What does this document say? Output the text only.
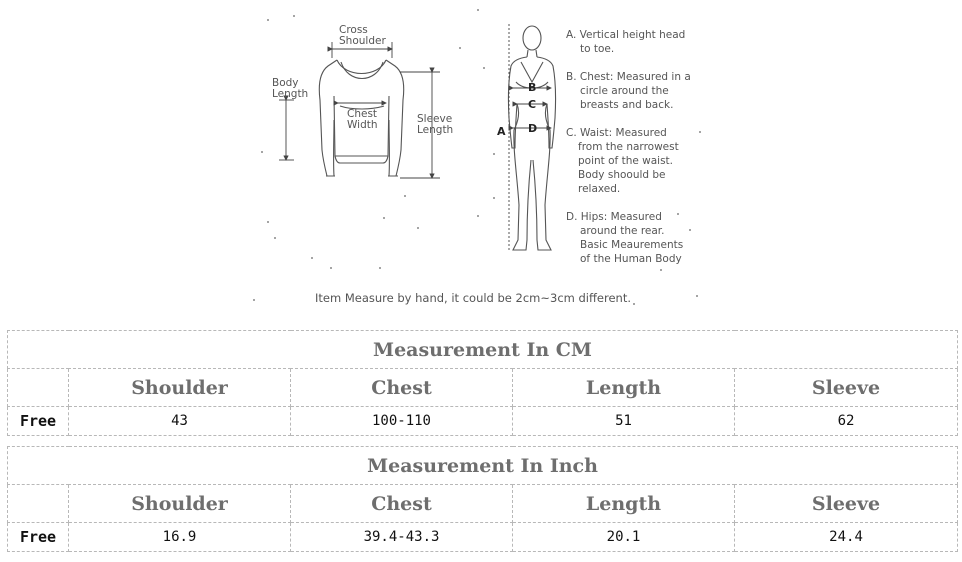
Cross Shoulder
Body Length
Chest Width	Sleeve Length	A
B
C
D
A. Vertical height head to toe.
B. Chest: Measured in a circle around the breasts and back.
C. Waist: Measured from the narrowest point of the waist. Body shoould be relaxed.
D. Hips: Measured around the rear. Basic Meaurements of the Human Body
Item Measure by hand, it could be 2cm~3cm different.
Measurement In CM				
	Shoulder	Chest	Length	Sleeve
Free	43	100-110	51	62
Measurement In Inch				
	Shoulder	Chest	Length	Sleeve
Free	16.9	39.4-43.3	20.1	24.4
